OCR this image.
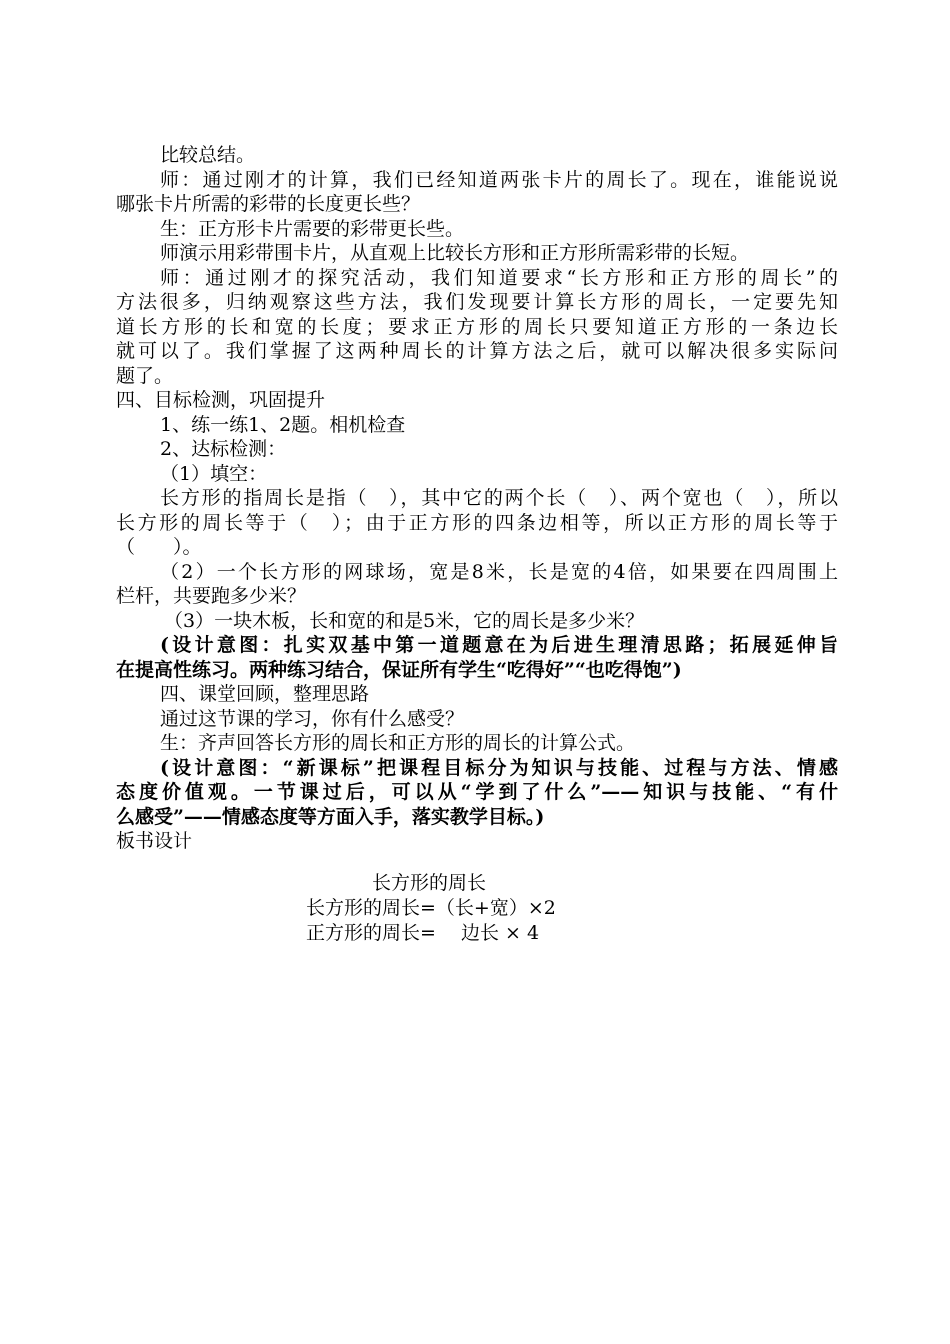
比较总结。

师：通过刚才的计算，我们已经知道两张卡片的周长了。现在，谁能说说

哪张卡片所需的彩带的长度更长些？

生：正方形卡片需要的彩带更长些。

师演示用彩带围卡片，从直观上比较长方形和正方形所需彩带的长短。

师：通过刚才的探究活动，我们知道要求“长方形和正方形的周长”的

方法很多，归纳观察这些方法，我们发现要计算长方形的周长，一定要先知

道长方形的长和宽的长度；要求正方形的周长只要知道正方形的一条边长

就可以了。我们掌握了这两种周长的计算方法之后，就可以解决很多实际问

题了。

四、目标检测，巩固提升

1、练一练1、2题。相机检查

2、达标检测：

（1）填空：

长方形的指周长是指（　），其中它的两个长（　）、两个宽也（　），所以

长方形的周长等于（　）；由于正方形的四条边相等，所以正方形的周长等于

（　　）。

（2）一个长方形的网球场，宽是8米，长是宽的4倍，如果要在四周围上

栏杆，共要跑多少米？

（3）一块木板，长和宽的和是5米，它的周长是多少米？

(设计意图：扎实双基中第一道题意在为后进生理清思路；拓展延伸旨

在提高性练习。两种练习结合，保证所有学生“吃得好”“也吃得饱”)

四、课堂回顾，整理思路

通过这节课的学习，你有什么感受？

生：齐声回答长方形的周长和正方形的周长的计算公式。

(设计意图：“新课标”把课程目标分为知识与技能、过程与方法、情感

态度价值观。一节课过后，可以从“学到了什么”——知识与技能、“有什

么感受”——情感态度等方面入手，落实教学目标。)

板书设计

长方形的周长

长方形的周长=（长+宽）×2

正方形的周长=　 边长 × 4
